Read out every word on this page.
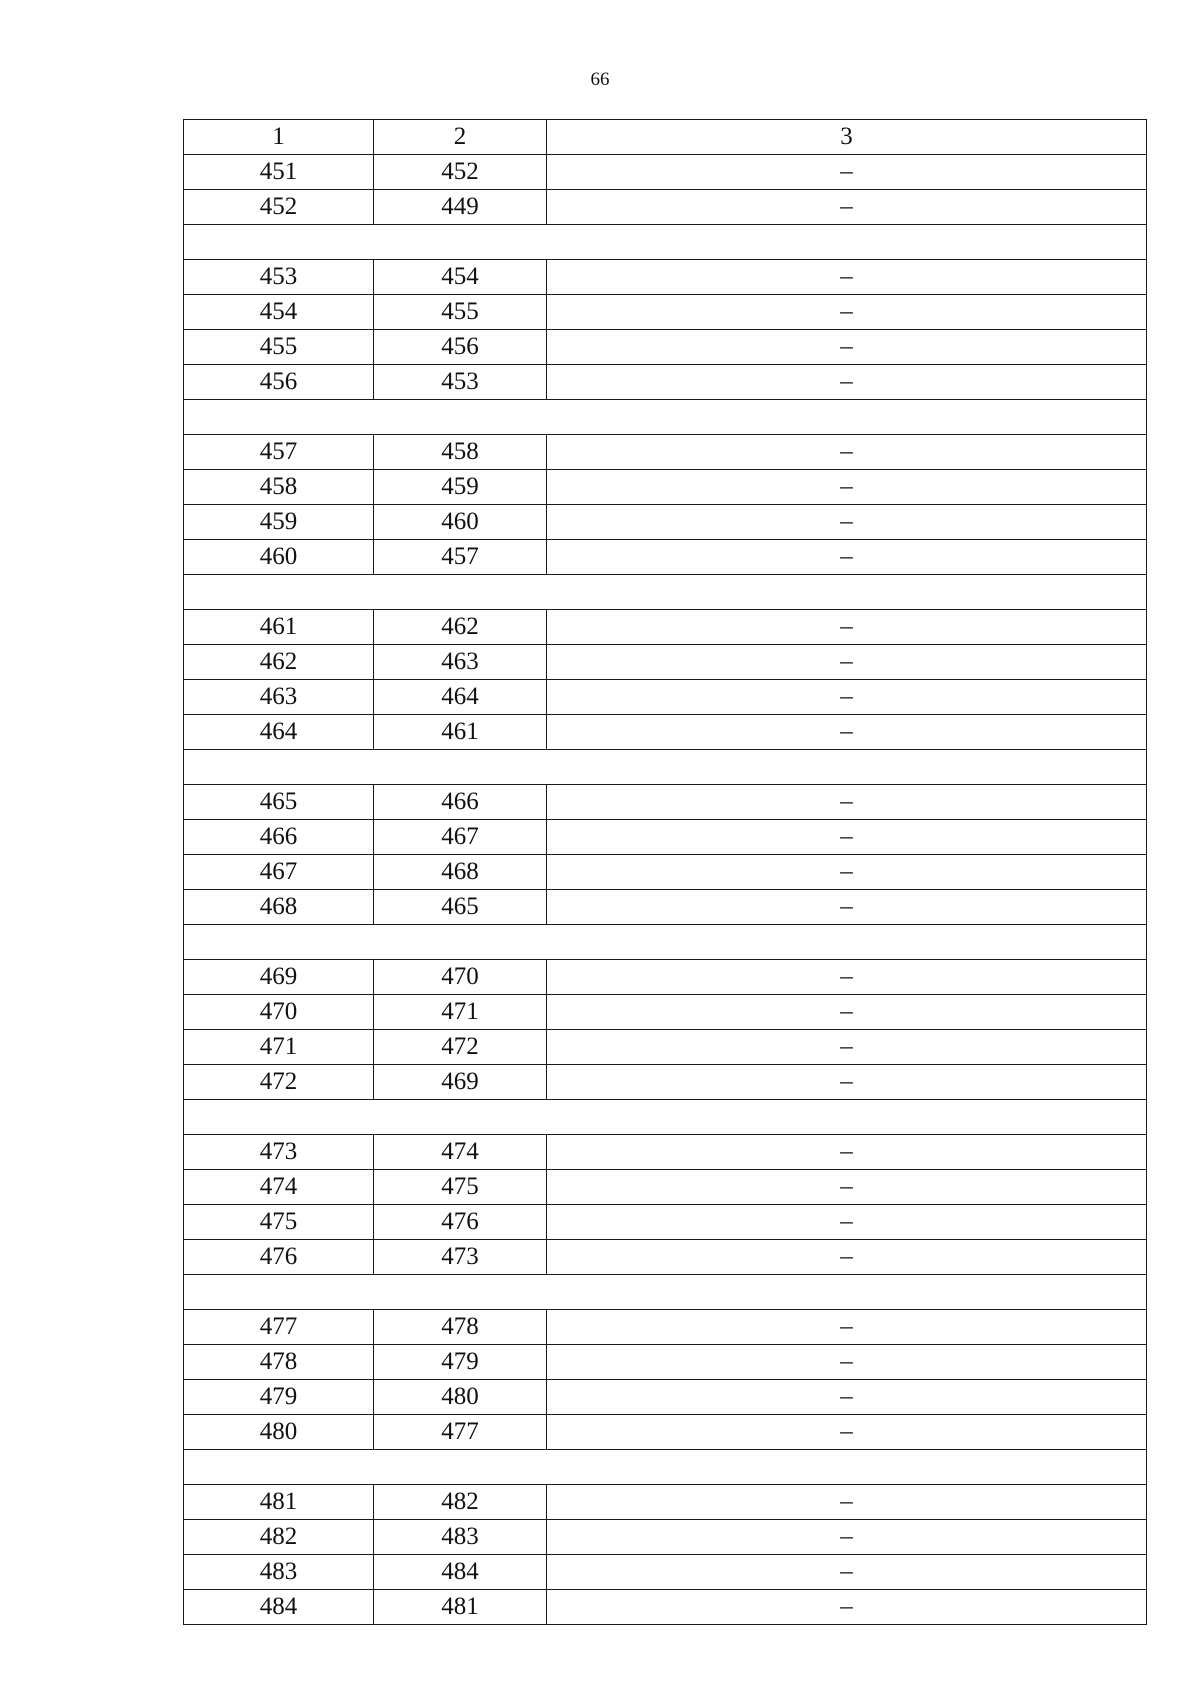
66
1	2	3
451	452	–
452	449	–

453	454	–
454	455	–
455	456	–
456	453	–

457	458	–
458	459	–
459	460	–
460	457	–

461	462	–
462	463	–
463	464	–
464	461	–

465	466	–
466	467	–
467	468	–
468	465	–

469	470	–
470	471	–
471	472	–
472	469	–

473	474	–
474	475	–
475	476	–
476	473	–

477	478	–
478	479	–
479	480	–
480	477	–

481	482	–
482	483	–
483	484	–
484	481	–
